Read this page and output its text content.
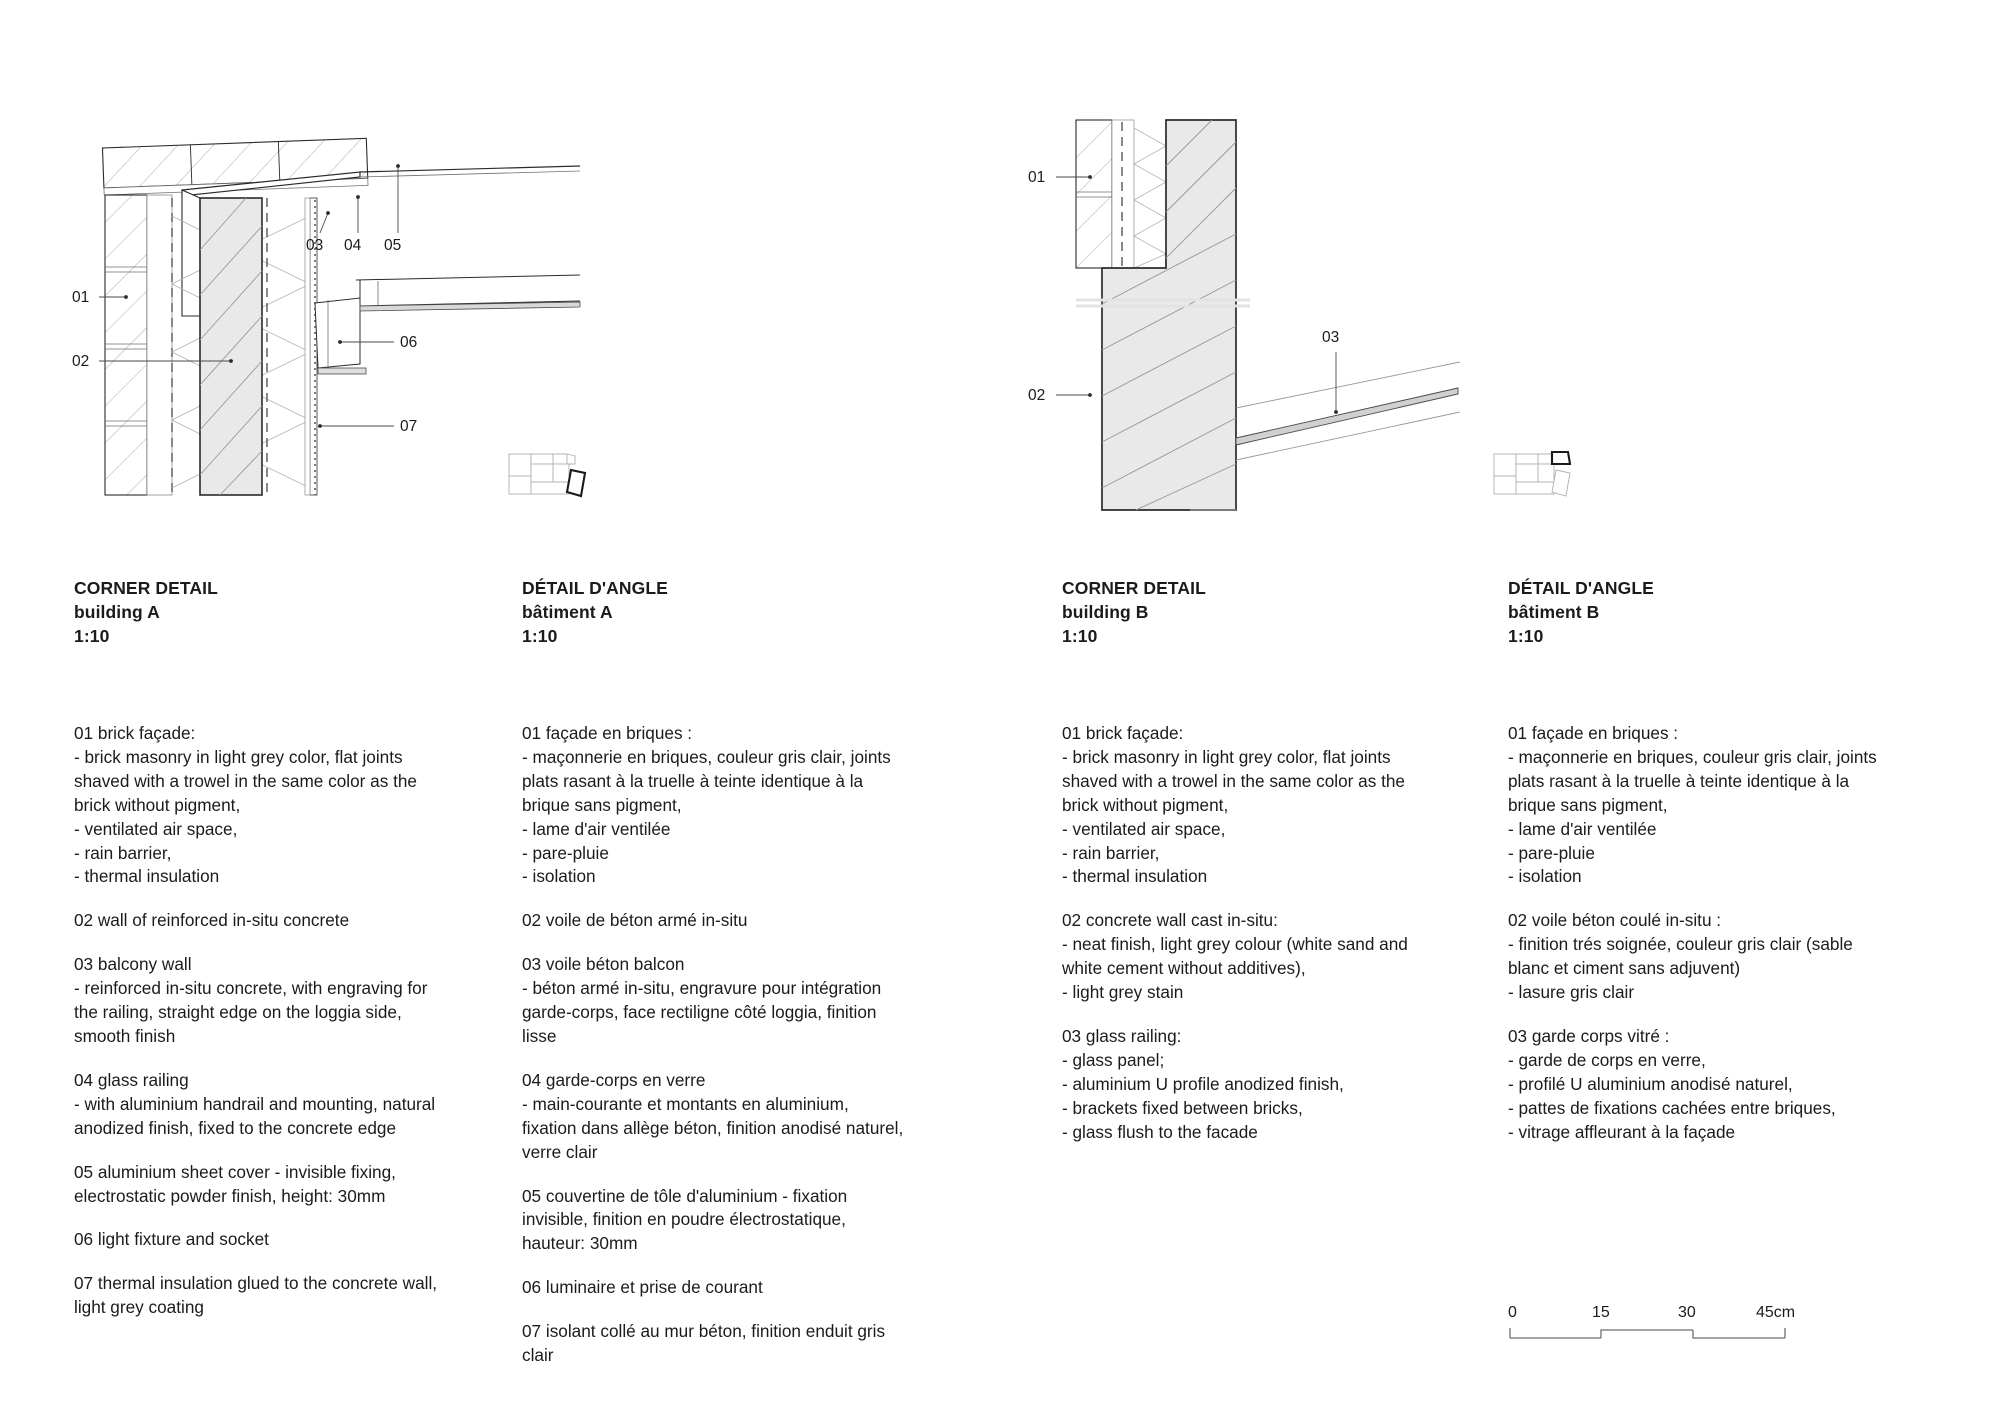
01
02
03 04 05
06
07
01
02
03
CORNER DETAIL
building A
1:10
DÉTAIL D'ANGLE
bâtiment A
1:10
CORNER DETAIL
building B
1:10
DÉTAIL D'ANGLE
bâtiment B
1:10
01 brick façade:
- brick masonry in light grey color, flat joints
shaved with a trowel in the same color as the
brick without pigment,
- ventilated air space,
- rain barrier,
- thermal insulation
02 wall of reinforced in-situ concrete
03 balcony wall
- reinforced in-situ concrete, with engraving for
the railing, straight edge on the loggia side,
smooth finish
04 glass railing
- with aluminium handrail and mounting, natural
anodized finish, fixed to the concrete edge
05 aluminium sheet cover - invisible fixing,
electrostatic powder finish, height: 30mm
06 light fixture and socket
07 thermal insulation glued to the concrete wall,
light grey coating
01 façade en briques :
- maçonnerie en briques, couleur gris clair, joints
plats rasant à la truelle à teinte identique à la
brique sans pigment,
- lame d'air ventilée
- pare-pluie
- isolation
02 voile de béton armé in-situ
03 voile béton balcon
- béton armé in-situ, engravure pour intégration
garde-corps, face rectiligne côté loggia, finition
lisse
04 garde-corps en verre
- main-courante et montants en aluminium,
fixation dans allège béton, finition anodisé naturel,
verre clair
05 couvertine de tôle d'aluminium - fixation
invisible, finition en poudre électrostatique,
hauteur: 30mm
06 luminaire et prise de courant
07 isolant collé au mur béton, finition enduit gris
clair
01 brick façade:
- brick masonry in light grey color, flat joints
shaved with a trowel in the same color as the
brick without pigment,
- ventilated air space,
- rain barrier,
- thermal insulation
02 concrete wall cast in-situ:
- neat finish, light grey colour (white sand and
white cement without additives),
- light grey stain
03 glass railing:
- glass panel;
- aluminium U profile anodized finish,
- brackets fixed between bricks,
- glass flush to the facade
01 façade en briques :
- maçonnerie en briques, couleur gris clair, joints
plats rasant à la truelle à teinte identique à la
brique sans pigment,
- lame d'air ventilée
- pare-pluie
- isolation
02 voile béton coulé in-situ :
- finition trés soignée, couleur gris clair (sable
blanc et ciment sans adjuvent)
- lasure gris clair
03 garde corps vitré :
- garde de corps en verre,
- profilé U aluminium anodisé naturel,
- pattes de fixations cachées entre briques,
- vitrage affleurant à la façade
0	15	30	45cm
